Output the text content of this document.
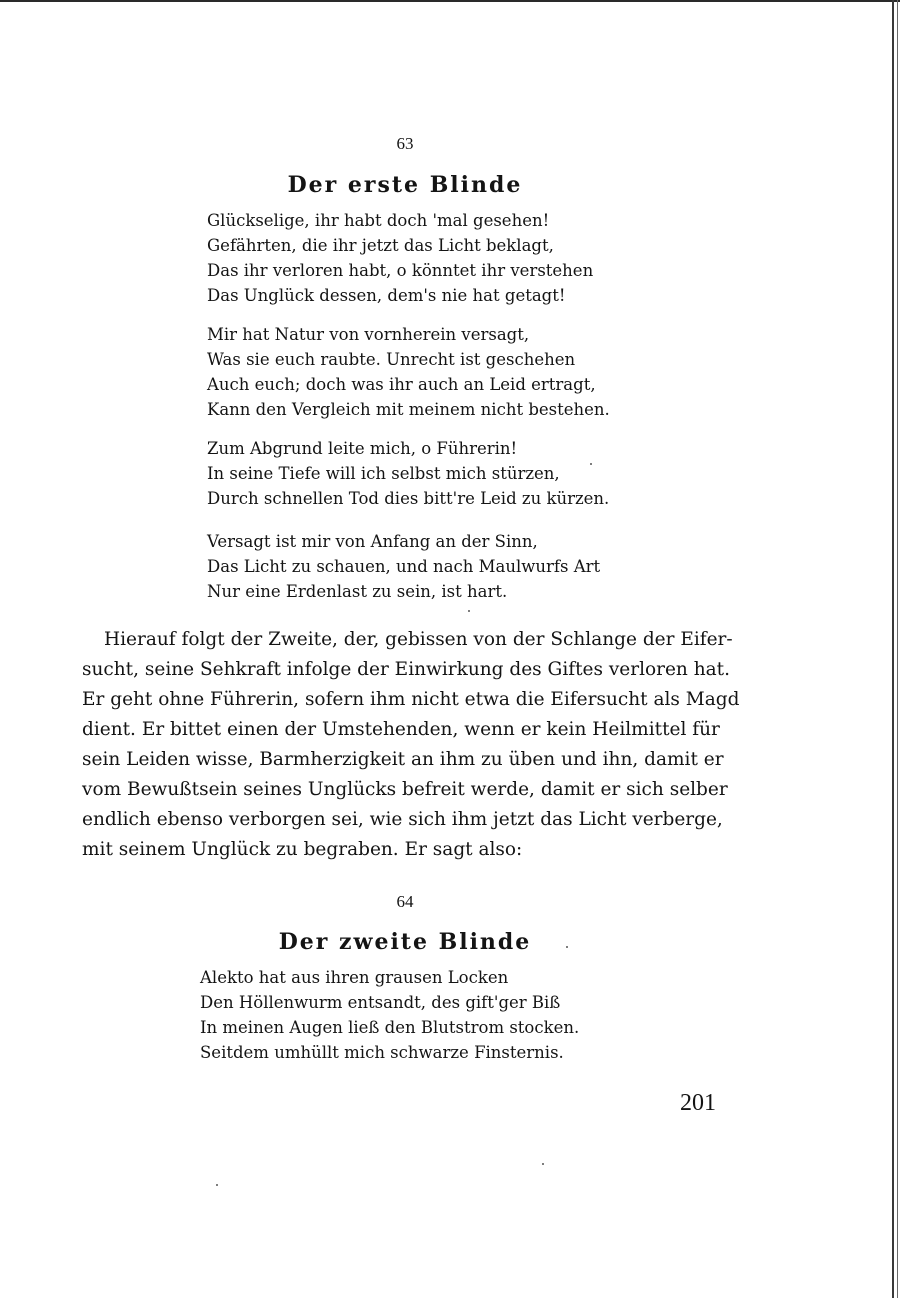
63
Der erste Blinde
Glückselige, ihr habt doch 'mal gesehen!
Gefährten, die ihr jetzt das Licht beklagt,
Das ihr verloren habt, o könntet ihr verstehen
Das Unglück dessen, dem's nie hat getagt!
Mir hat Natur von vornherein versagt,
Was sie euch raubte. Unrecht ist geschehen
Auch euch; doch was ihr auch an Leid ertragt,
Kann den Vergleich mit meinem nicht bestehen.
Zum Abgrund leite mich, o Führerin!
In seine Tiefe will ich selbst mich stürzen,
Durch schnellen Tod dies bitt're Leid zu kürzen.
Versagt ist mir von Anfang an der Sinn,
Das Licht zu schauen, und nach Maulwurfs Art
Nur eine Erdenlast zu sein, ist hart.
Hierauf folgt der Zweite, der, gebissen von der Schlange der Eifer-
sucht, seine Sehkraft infolge der Einwirkung des Giftes verloren hat.
Er geht ohne Führerin, sofern ihm nicht etwa die Eifersucht als Magd
dient. Er bittet einen der Umstehenden, wenn er kein Heilmittel für
sein Leiden wisse, Barmherzigkeit an ihm zu üben und ihn, damit er
vom Bewußtsein seines Unglücks befreit werde, damit er sich selber
endlich ebenso verborgen sei, wie sich ihm jetzt das Licht verberge,
mit seinem Unglück zu begraben. Er sagt also:
64
Der zweite Blinde
Alekto hat aus ihren grausen Locken
Den Höllenwurm entsandt, des gift'ger Biß
In meinen Augen ließ den Blutstrom stocken.
Seitdem umhüllt mich schwarze Finsternis.
201
